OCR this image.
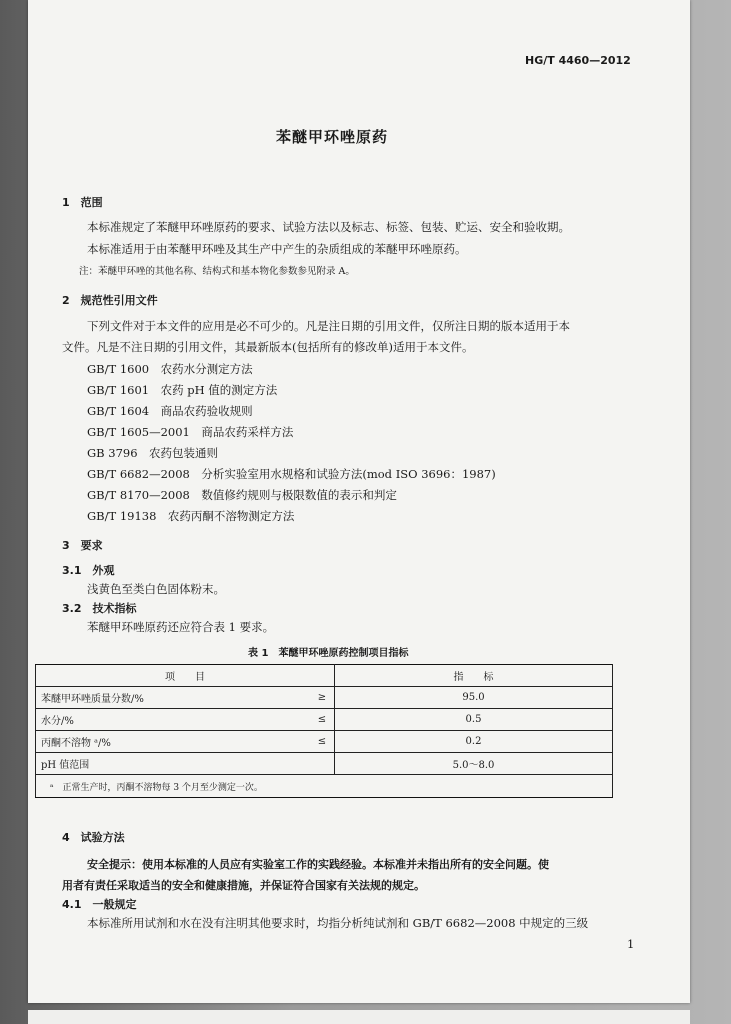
HG/T 4460—2012
苯醚甲环唑原药
1　范围
本标准规定了苯醚甲环唑原药的要求、试验方法以及标志、标签、包装、贮运、安全和验收期。
本标准适用于由苯醚甲环唑及其生产中产生的杂质组成的苯醚甲环唑原药。
注：苯醚甲环唑的其他名称、结构式和基本物化参数参见附录 A。
2　规范性引用文件
下列文件对于本文件的应用是必不可少的。凡是注日期的引用文件，仅所注日期的版本适用于本
文件。凡是不注日期的引用文件，其最新版本(包括所有的修改单)适用于本文件。
GB/T 1600　农药水分测定方法
GB/T 1601　农药 pH 值的测定方法
GB/T 1604　商品农药验收规则
GB/T 1605—2001　商品农药采样方法
GB 3796　农药包装通则
GB/T 6682—2008　分析实验室用水规格和试验方法(mod ISO 3696：1987)
GB/T 8170—2008　数值修约规则与极限数值的表示和判定
GB/T 19138　农药丙酮不溶物测定方法
3　要求
3.1　外观
浅黄色至类白色固体粉末。
3.2　技术指标
苯醚甲环唑原药还应符合表 1 要求。
表 1　苯醚甲环唑原药控制项目指标
项　　目		指　　标
苯醚甲环唑质量分数/%	≥	95.0
水分/%	≤	0.5
丙酮不溶物 ᵃ/%	≤	0.2
pH 值范围		5.0～8.0
ᵃ　正常生产时，丙酮不溶物每 3 个月至少测定一次。		
4　试验方法
安全提示：使用本标准的人员应有实验室工作的实践经验。本标准并未指出所有的安全问题。使
用者有责任采取适当的安全和健康措施，并保证符合国家有关法规的规定。
4.1　一般规定
本标准所用试剂和水在没有注明其他要求时，均指分析纯试剂和 GB/T 6682—2008 中规定的三级
1
